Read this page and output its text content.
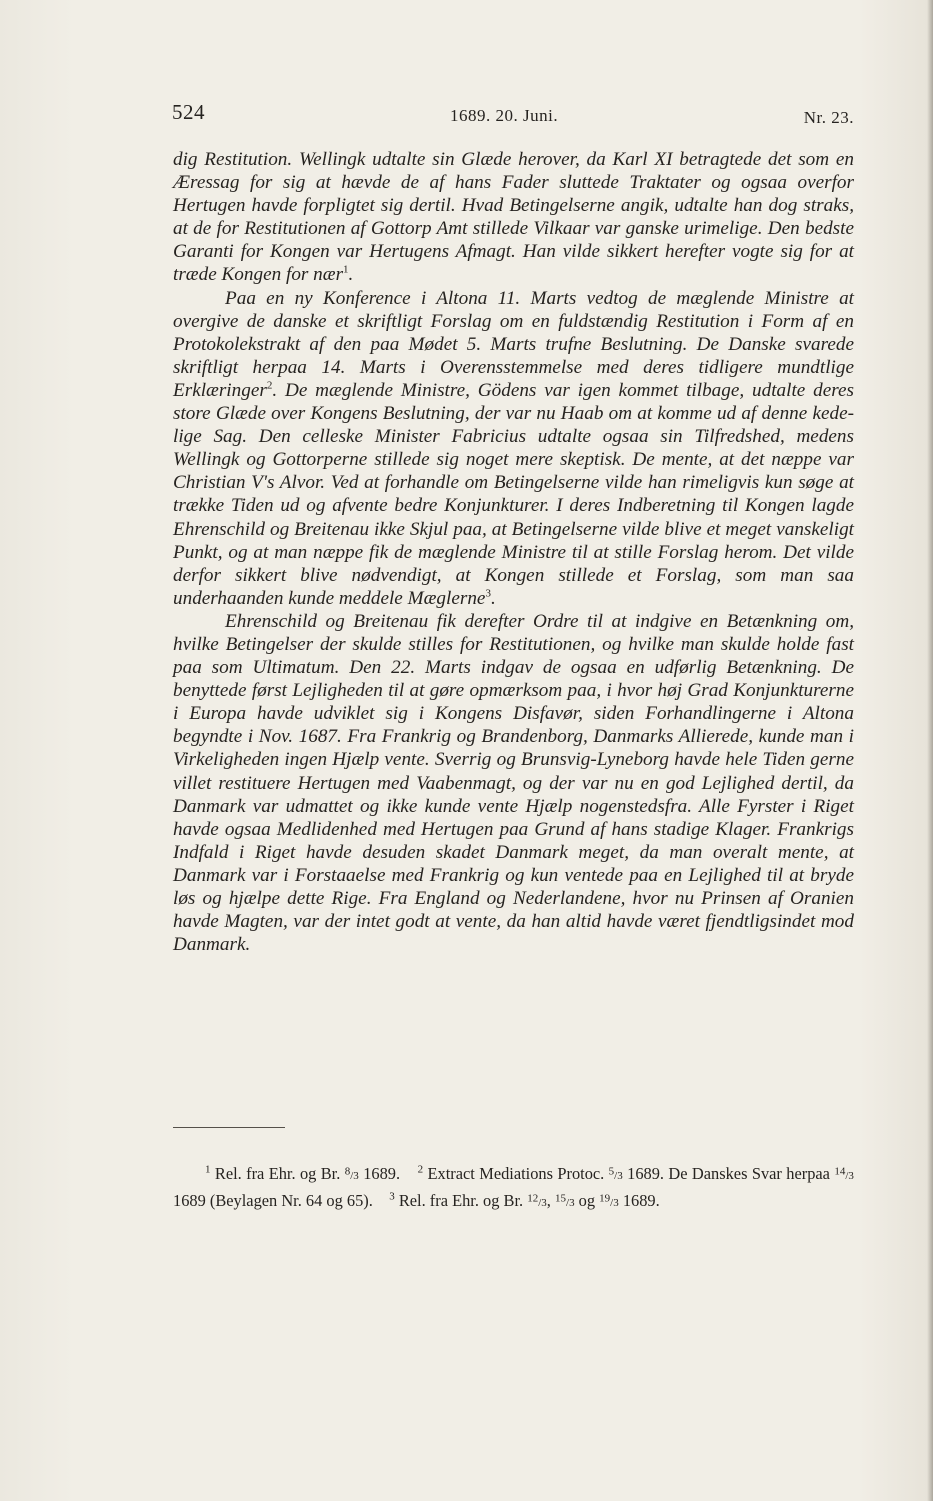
524	1689. 20. Juni.	Nr. 23.

dig Restitution. Wellingk udtalte sin Glæde herover, da Karl XI betragtede det som en Æressag for sig at hævde de af hans Fader sluttede Traktater og ogsaa overfor Hertugen havde forpligtet sig dertil. Hvad Betingelserne angik, udtalte han dog straks, at de for Restitutionen af Gottorp Amt stillede Vilkaar var ganske urimelige. Den bedste Garanti for Kongen var Hertugens Afmagt. Han vilde sikkert herefter vogte sig for at træde Kongen for nær$^1$.

Paa en ny Konference i Altona 11. Marts vedtog de mæglende Ministre at overgive de danske et skriftligt Forslag om en fuldstændig Restitution i Form af en Protokolekstrakt af den paa Mødet 5. Marts trufne Beslutning. De Danske svarede skriftligt herpaa 14. Marts i Overensstemmelse med deres tidligere mundtlige Erklæringer$^2$. De mæglende Ministre, Gödens var igen kommet tilbage, udtalte deres store Glæde over Kongens Beslutning, der var nu Haab om at komme ud af denne kedelige Sag. Den celleske Minister Fabricius udtalte ogsaa sin Tilfredshed, medens Wellingk og Gottorperne stillede sig noget mere skeptisk. De mente, at det næppe var Christian V's Alvor. Ved at forhandle om Betingelserne vilde han rimeligvis kun søge at trække Tiden ud og afvente bedre Konjunkturer. I deres Indberetning til Kongen lagde Ehrenschild og Breitenau ikke Skjul paa, at Betingelserne vilde blive et meget vanskeligt Punkt, og at man næppe fik de mæglende Ministre til at stille Forslag herom. Det vilde derfor sikkert blive nødvendigt, at Kongen stillede et Forslag, som man saa underhaanden kunde meddele Mæglerne$^3$.

Ehrenschild og Breitenau fik derefter Ordre til at indgive en Betænkning om, hvilke Betingelser der skulde stilles for Restitutionen, og hvilke man skulde holde fast paa som Ultimatum. Den 22. Marts indgav de ogsaa en udførlig Betænkning. De benyttede først Lejligheden til at gøre opmærksom paa, i hvor høj Grad Konjunkturerne i Europa havde udviklet sig i Kongens Disfavør, siden Forhandlingerne i Altona begyndte i Nov. 1687. Fra Frankrig og Brandenborg, Danmarks Allierede, kunde man i Virkeligheden ingen Hjælp vente. Sverrig og Brunsvig-Lyneborg havde hele Tiden gerne villet restituere Hertugen med Vaabenmagt, og der var nu en god Lejlighed dertil, da Danmark var udmattet og ikke kunde vente Hjælp nogenstedsfra. Alle Fyrster i Riget havde ogsaa Medlidenhed med Hertugen paa Grund af hans stadige Klager. Frankrigs Indfald i Riget havde desuden skadet Danmark meget, da man overalt mente, at Danmark var i Forstaaelse med Frankrig og kun ventede paa en Lejlighed til at bryde løs og hjælpe dette Rige. Fra England og Nederlandene, hvor nu Prinsen af Oranien havde Magten, var der intet godt at vente, da han altid havde været fjendtligsindet mod Danmark.

$^1$ Rel. fra Ehr. og Br. $^8$/3 1689. $^2$ Extract Mediations Protoc. $^5$/3 1689. De Danskes Svar herpaa $^{14}$/3 1689 (Beylagen Nr. 64 og 65). $^3$ Rel. fra Ehr. og Br. $^{12}$/3, $^{15}$/3 og $^{19}$/3 1689.
